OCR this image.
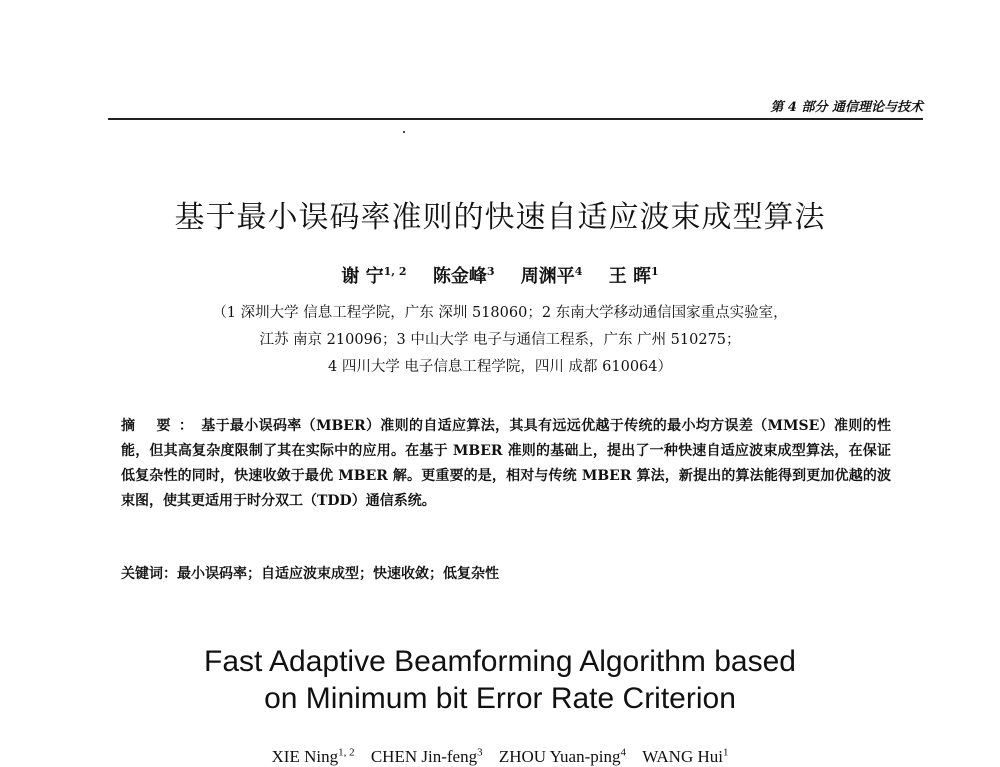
第 4 部分 通信理论与技术
基于最小误码率准则的快速自适应波束成型算法
谢 宁$^{1, 2}$ 陈金峰$^3$ 周渊平$^4$ 王 晖$^1$
（1 深圳大学 信息工程学院，广东 深圳 518060；2 东南大学移动通信国家重点实验室，
江苏 南京 210096；3 中山大学 电子与通信工程系，广东 广州 510275；
4 四川大学 电子信息工程学院，四川 成都 610064）
摘 要：基于最小误码率（MBER）准则的自适应算法，其具有远远优越于传统的最小均方误差（MMSE）准则的性能，但其高复杂度限制了其在实际中的应用。在基于 MBER 准则的基础上，提出了一种快速自适应波束成型算法，在保证低复杂性的同时，快速收敛于最优 MBER 解。更重要的是，相对与传统 MBER 算法，新提出的算法能得到更加优越的波束图，使其更适用于时分双工（TDD）通信系统。
关键词：最小误码率；自适应波束成型；快速收敛；低复杂性
Fast Adaptive Beamforming Algorithm based
on Minimum bit Error Rate Criterion
XIE Ning$^{1, 2}$ CHEN Jin-feng$^3$ ZHOU Yuan-ping$^4$ WANG Hui$^1$
